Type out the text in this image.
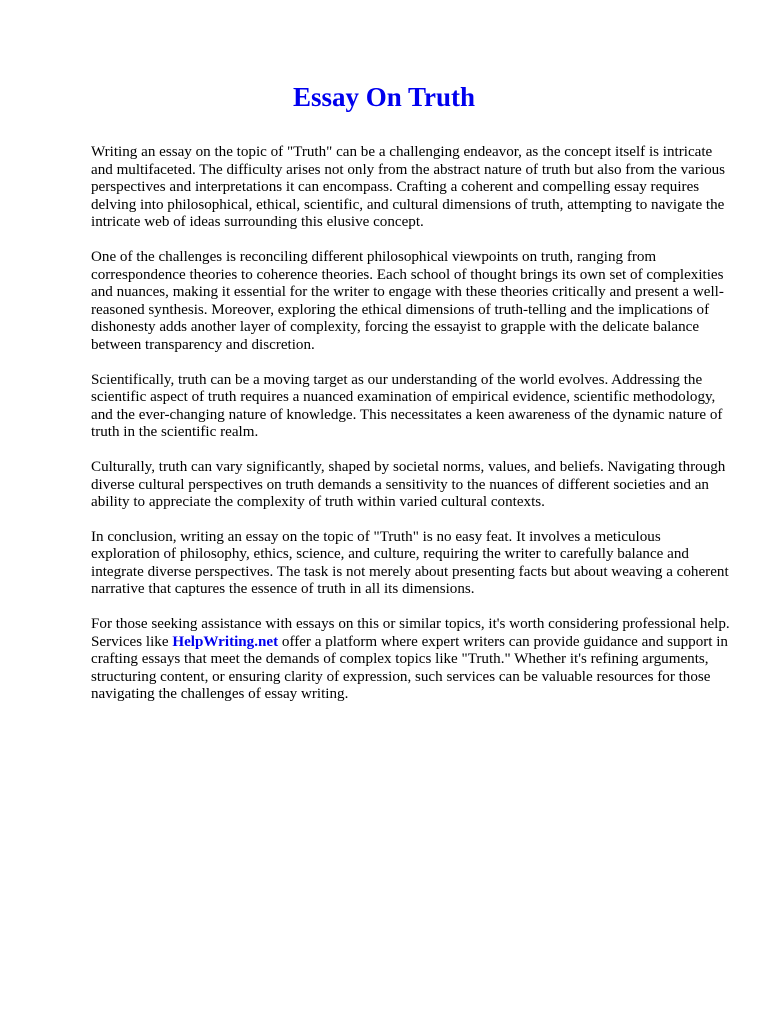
Essay On Truth

Writing an essay on the topic of "Truth" can be a challenging endeavor, as the concept itself is intricate and multifaceted. The difficulty arises not only from the abstract nature of truth but also from the various perspectives and interpretations it can encompass. Crafting a coherent and compelling essay requires delving into philosophical, ethical, scientific, and cultural dimensions of truth, attempting to navigate the intricate web of ideas surrounding this elusive concept.

One of the challenges is reconciling different philosophical viewpoints on truth, ranging from correspondence theories to coherence theories. Each school of thought brings its own set of complexities and nuances, making it essential for the writer to engage with these theories critically and present a well-reasoned synthesis. Moreover, exploring the ethical dimensions of truth-telling and the implications of dishonesty adds another layer of complexity, forcing the essayist to grapple with the delicate balance between transparency and discretion.

Scientifically, truth can be a moving target as our understanding of the world evolves. Addressing the scientific aspect of truth requires a nuanced examination of empirical evidence, scientific methodology, and the ever-changing nature of knowledge. This necessitates a keen awareness of the dynamic nature of truth in the scientific realm.

Culturally, truth can vary significantly, shaped by societal norms, values, and beliefs. Navigating through diverse cultural perspectives on truth demands a sensitivity to the nuances of different societies and an ability to appreciate the complexity of truth within varied cultural contexts.

In conclusion, writing an essay on the topic of "Truth" is no easy feat. It involves a meticulous exploration of philosophy, ethics, science, and culture, requiring the writer to carefully balance and integrate diverse perspectives. The task is not merely about presenting facts but about weaving a coherent narrative that captures the essence of truth in all its dimensions.

For those seeking assistance with essays on this or similar topics, it's worth considering professional help. Services like HelpWriting.net offer a platform where expert writers can provide guidance and support in crafting essays that meet the demands of complex topics like "Truth." Whether it's refining arguments, structuring content, or ensuring clarity of expression, such services can be valuable resources for those navigating the challenges of essay writing.
